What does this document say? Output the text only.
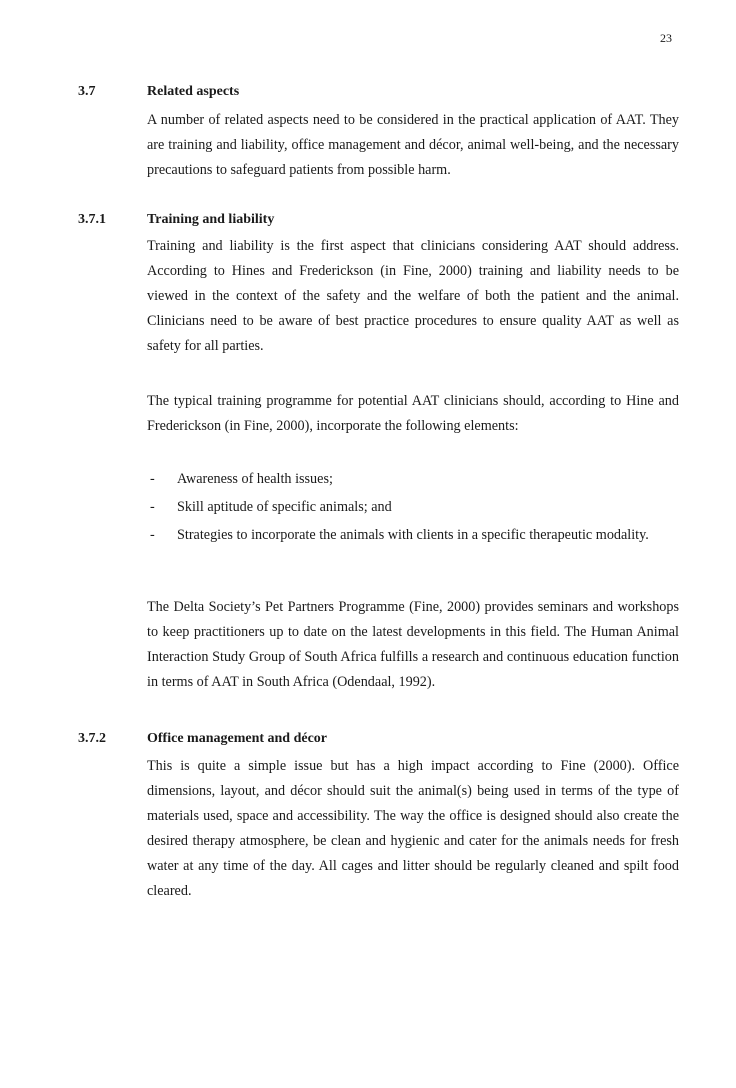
23
3.7	Related aspects

A number of related aspects need to be considered in the practical application of AAT. They are training and liability, office management and décor, animal well-being, and the necessary precautions to safeguard patients from possible harm.

3.7.1	Training and liability

Training and liability is the first aspect that clinicians considering AAT should address. According to Hines and Frederickson (in Fine, 2000) training and liability needs to be viewed in the context of the safety and the welfare of both the patient and the animal. Clinicians need to be aware of best practice procedures to ensure quality AAT as well as safety for all parties.

The typical training programme for potential AAT clinicians should, according to Hine and Frederickson (in Fine, 2000), incorporate the following elements:

- Awareness of health issues;
- Skill aptitude of specific animals; and
- Strategies to incorporate the animals with clients in a specific therapeutic modality.

The Delta Society’s Pet Partners Programme (Fine, 2000) provides seminars and workshops to keep practitioners up to date on the latest developments in this field. The Human Animal Interaction Study Group of South Africa fulfills a research and continuous education function in terms of AAT in South Africa (Odendaal, 1992).

3.7.2	Office management and décor

This is quite a simple issue but has a high impact according to Fine (2000). Office dimensions, layout, and décor should suit the animal(s) being used in terms of the type of materials used, space and accessibility. The way the office is designed should also create the desired therapy atmosphere, be clean and hygienic and cater for the animals needs for fresh water at any time of the day. All cages and litter should be regularly cleaned and spilt food cleared.
